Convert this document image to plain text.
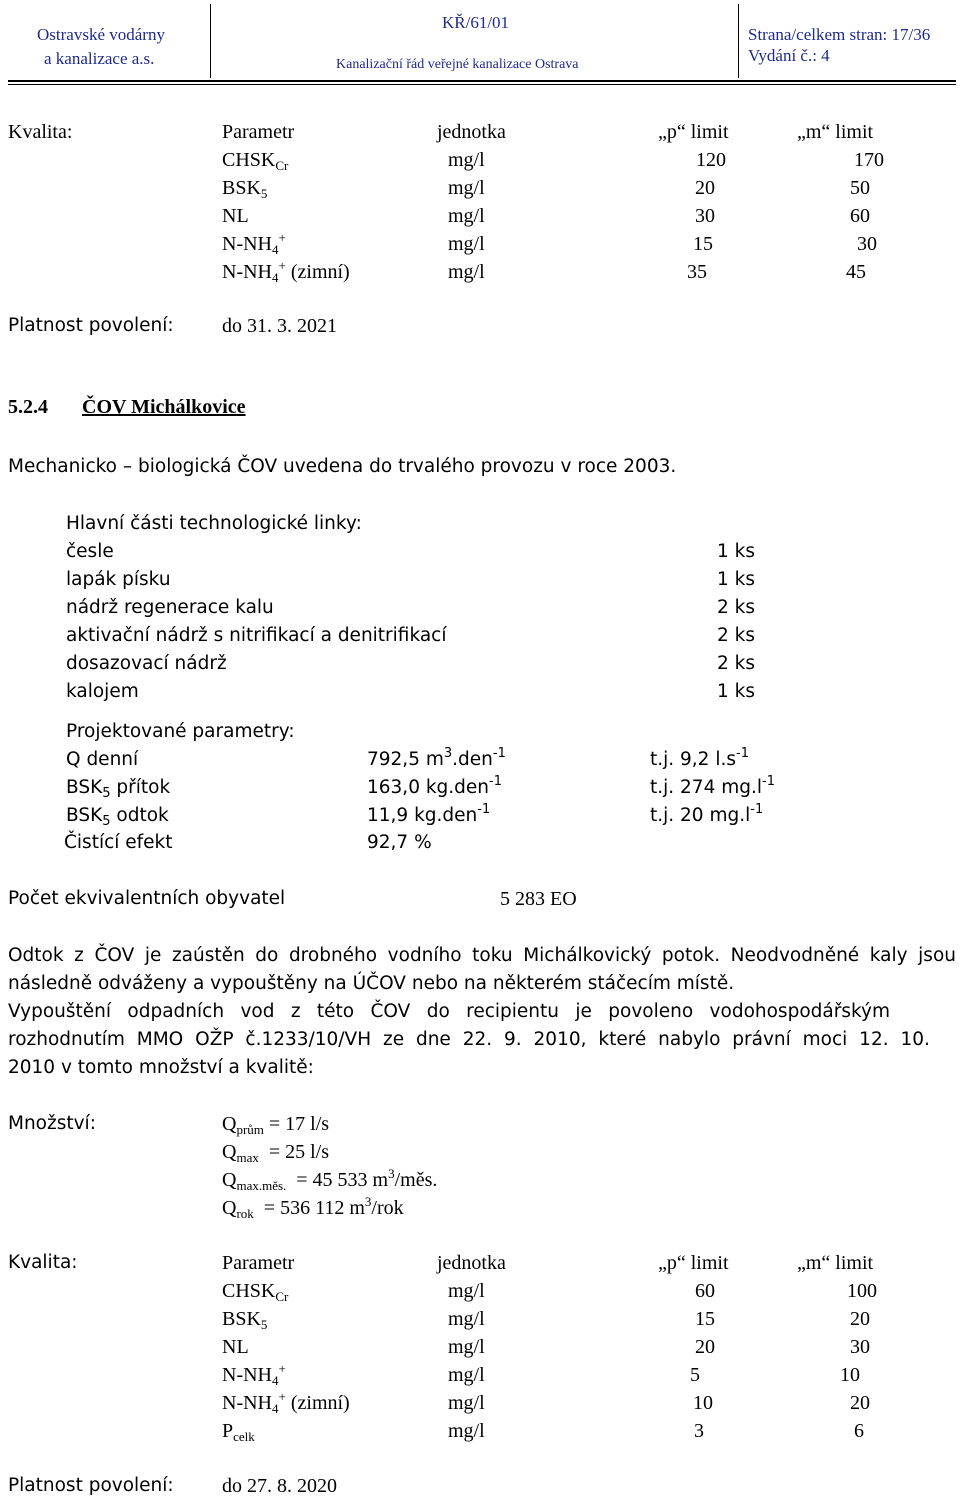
Ostravské vodárny
a kanalizace a.s.
KŘ/61/01
Kanalizační řád veřejné kanalizace Ostrava
Strana/celkem stran: 17/36
Vydání č.: 4
Kvalita:	Parametr	jednotka	„p“ limit	„m“ limit
$CHSK_{Cr}$	mg/l	120	170
$BSK_5$	mg/l	20	50
NL	mg/l	30	60
$N-NH_4^+$	mg/l	15	30
$N-NH_4^+$ (zimní)	mg/l	35	45
Platnost povolení: do 31. 3. 2021
5.2.4 ČOV Michálkovice
Mechanicko – biologická ČOV uvedena do trvalého provozu v roce 2003.
Hlavní části technologické linky:
česle	1 ks
lapák písku	1 ks
nádrž regenerace kalu	2 ks
aktivační nádrž s nitrifikací a denitrifikací	2 ks
dosazovací nádrž	2 ks
kalojem	1 ks
Projektované parametry:
Q denní	792,5 $m^3.den^{-1}$	t.j. 9,2 $l.s^{-1}$
$BSK_5$ přítok	163,0 kg.den$^{-1}$	t.j. 274 $mg.l^{-1}$
$BSK_5$ odtok	11,9 kg.den$^{-1}$	t.j. 20 $mg.l^{-1}$
Čistící efekt	92,7 %
Počet ekvivalentních obyvatel	5 283 EO
Odtok z ČOV je zaústěn do drobného vodního toku Michálkovický potok. Neodvodněné kaly jsou následně odváženy a vypouštěny na ÚČOV nebo na některém stáčecím místě.
Vypouštění odpadních vod z této ČOV do recipientu je povoleno vodohospodářským
rozhodnutím MMO OŽP č.1233/10/VH ze dne 22. 9. 2010, které nabylo právní moci 12. 10.
2010 v tomto množství a kvalitě:
Množství:	$Q_{prům} = 17$ l/s
$Q_{max} = 25$ l/s
$Q_{max.měs.} = 45$ 533 $m^3$/měs.
$Q_{rok} = 536$ 112 $m^3$/rok
Kvalita:	Parametr	jednotka	„p“ limit	„m“ limit
$CHSK_{Cr}$	mg/l	60	100
$BSK_5$	mg/l	15	20
NL	mg/l	20	30
$N-NH_4^+$	mg/l	5	10
$N-NH_4^+$ (zimní)	mg/l	10	20
$P_{celk}$	mg/l	3	6
Platnost povolení: do 27. 8. 2020
